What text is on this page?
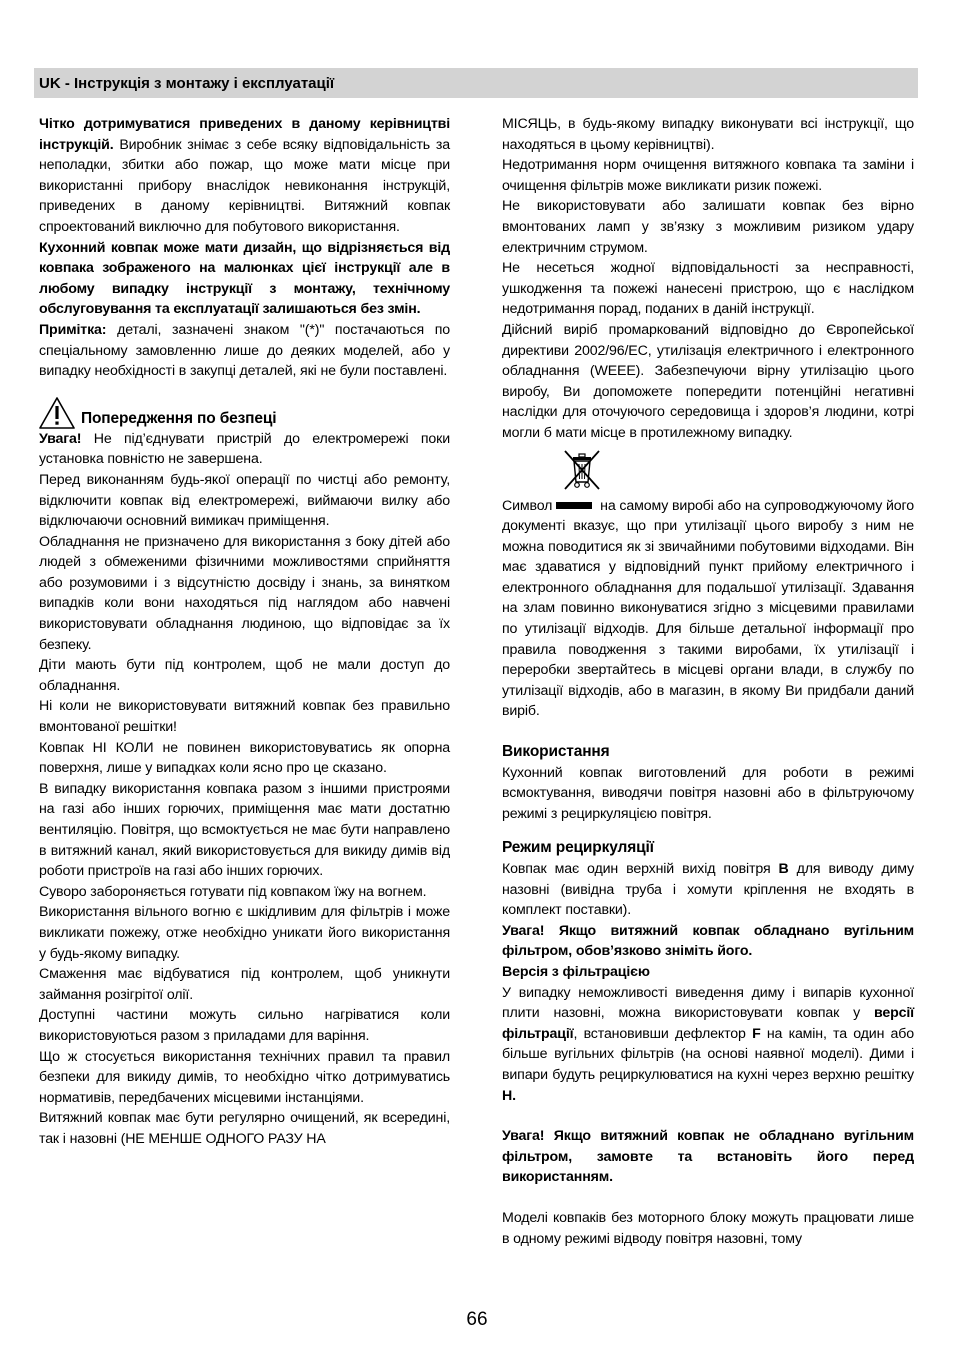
UK - Інструкція з монтажу і експлуатації

Чітко дотримуватися приведених в даному керівництві інструкцій. Виробник знімає з себе всяку відповідальність за неполадки, збитки або пожар, що може мати місце при використанні прибору внаслідок невиконання інструкцій, приведених в даному керівництві. Витяжний ковпак спроектований виключно для побутового використання.

Кухонний ковпак може мати дизайн, що відрізняється від ковпака зображеного на малюнках цієї інструкції але в любому випадку інструкції з монтажу, технічному обслуговування та експлуатації залишаються без змін.

Примітка: деталі, зазначені знаком "(*)" постачаються по спеціальному замовленню лише до деяких моделей, або у випадку необхідності в закупці деталей, які не були поставлені.

Попередження по безпеці

Увага! Не під’єднувати пристрій до електромережі поки установка повністю не завершена.

Перед виконанням будь-якої операції по чистці або ремонту, відключити ковпак від електромережі, виймаючи вилку або відключаючи основний вимикач приміщення.

Обладнання не призначено для використання з боку дітей або людей з обмеженими фізичними можливостями сприйняття або розумовими і з відсутністю досвіду і знань, за винятком випадків коли вони находяться під наглядом або навчені використовувати обладнання людиною, що відповідає за їх безпеку.

Діти мають бути під контролем, щоб не мали доступ до обладнання.

Ні коли не використовувати витяжний ковпак без правильно вмонтованої решітки!

Ковпак НІ КОЛИ не повинен використовуватись як опорна поверхня, лише у випадках коли ясно про це сказано.

В випадку використання ковпака разом з іншими пристроями на газі або інших горючих, приміщення має мати достатню вентиляцію. Повітря, що всмоктується не має бути направлено в витяжний канал, який використовується для викиду димів від роботи пристроїв на газі або інших горючих.

Суворо забороняється готувати під ковпаком їжу на вогнем.

Використання вільного вогню є шкідливим для фільтрів і може викликати пожежу, отже необхідно уникати його використання у будь-якому випадку.

Смаження має відбуватися під контролем, щоб уникнути займання розігрітої олії.

Доступні частини можуть сильно нагріватися коли використовуються разом з приладами для варіння.

Що ж стосується використання технічних правил та правил безпеки для викиду димів, то необхідно чітко дотримуватись нормативів, передбачених місцевими інстанціями.

Витяжний ковпак має бути регулярно очищений, як всередині, так і назовні (НЕ МЕНШЕ ОДНОГО РАЗУ НА

МІСЯЦЬ, в будь-якому випадку виконувати всі інструкції, що находяться в цьому керівництві).

Недотримання норм очищення витяжного ковпака та заміни і очищення фільтрів може викликати ризик пожежі.

Не використовувати або залишати ковпак без вірно вмонтованих ламп у зв’язку з можливим ризиком удару електричним струмом.

Не несеться жодної відповідальності за несправності, ушкодження та пожежі нанесені пристрою, що є наслідком недотримання порад, поданих в даній інструкції.

Дійсний виріб промаркований відповідно до Європейської директиви 2002/96/ЕС, утилізація електричного і електронного обладнання (WEEE). Забезпечуючи вірну утилізацію цього виробу, Ви допоможете попередити потенційні негативні наслідки для оточуючого середовища і здоров’я людини, котрі могли б мати місце в протилежному випадку.

Символ	на самому виробі або на супроводжуючому його документі вказує, що при утилізації цього виробу з ним не можна поводитися як зі звичайними побутовими відходами. Він має здаватися у відповідний пункт прийому електричного і електронного обладнання для подальшої утилізації. Здавання на злам повинно виконуватися згідно з місцевими правилами по утилізації відходів. Для більше детальної інформації про правила поводження з такими виробами, їх утилізації і переробки звертайтесь в місцеві органи влади, в службу по утилізації відходів, або в магазин, в якому Ви придбали даний виріб.

Використання

Кухонний ковпак виготовлений для роботи в режимі всмоктування, виводячи повітря назовні або в фільтруючому режимі з рециркуляцією повітря.

Режим рециркуляції

Ковпак має один верхній вихід повітря B для виводу диму назовні (вивідна труба і хомути кріплення не входять в комплект поставки).

Увага! Якщо витяжний ковпак обладнано вугільним фільтром, обов’язково зніміть його.

Версія з фільтрацією

У випадку неможливості виведення диму і випарів кухонної плити назовні, можна використовувати ковпак у версії фільтрації, встановивши дефлектор F на камін, та один або більше вугільних фільтрів (на основі наявної моделі). Дими і випари будуть рециркулюватися на кухні через верхню решітку H.

Увага! Якщо витяжний ковпак не обладнано вугільним фільтром, замовте та встановіть його перед використанням.

Моделі ковпаків без моторного блоку можуть працювати лише в одному режимі відводу повітря назовні, тому

66
